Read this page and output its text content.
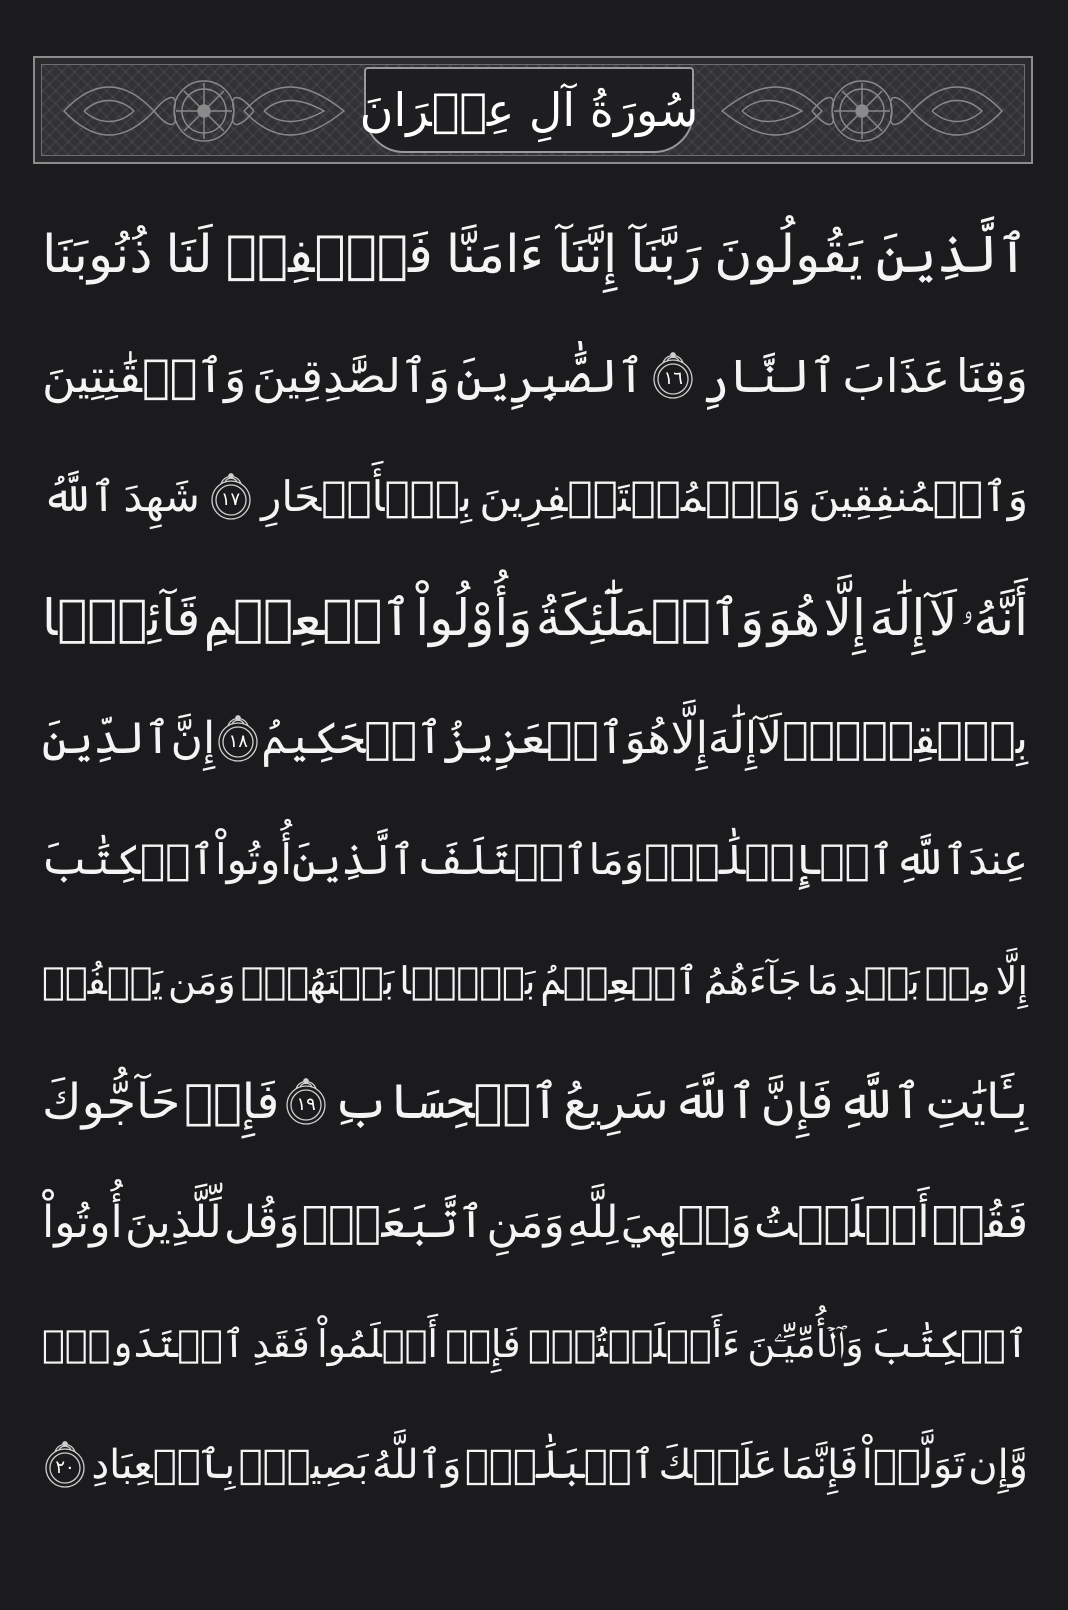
سُورَةُ آلِ عِمۡرَانَ
ٱلَّذِينَ
يَقُولُونَ
رَبَّنَآ
إِنَّنَآ
ءَامَنَّا
فَٱغۡفِرۡ
لَنَا
ذُنُوبَنَا
وَقِنَا
عَذَابَ
ٱلنَّارِ
١٦
ٱلصَّٰبِرِينَ
وَٱلصَّٰدِقِينَ
وَٱلۡقَٰنِتِينَ
وَٱلۡمُنفِقِينَ
وَٱلۡمُسۡتَغۡفِرِينَ
بِٱلۡأَسۡحَارِ
١٧
شَهِدَ
ٱللَّهُ
أَنَّهُۥ
لَآ
إِلَٰهَ
إِلَّا
هُوَ
وَٱلۡمَلَٰٓئِكَةُ
وَأُوْلُواْ
ٱلۡعِلۡمِ
قَآئِمَۢا
بِٱلۡقِسۡطِۚ
لَآ
إِلَٰهَ
إِلَّا
هُوَ
ٱلۡعَزِيزُ
ٱلۡحَكِيمُ
١٨
إِنَّ
ٱلدِّينَ
عِندَ
ٱللَّهِ
ٱلۡإِسۡلَٰمُۗ
وَمَا
ٱخۡتَلَفَ
ٱلَّذِينَ
أُوتُواْ
ٱلۡكِتَٰبَ
إِلَّا
مِنۢ
بَعۡدِ
مَا
جَآءَهُمُ
ٱلۡعِلۡمُ
بَغۡيَۢا
بَيۡنَهُمۡۗ
وَمَن
يَكۡفُرۡ
بِـَٔايَٰتِ
ٱللَّهِ
فَإِنَّ
ٱللَّهَ
سَرِيعُ
ٱلۡحِسَابِ
١٩
فَإِنۡ
حَآجُّوكَ
فَقُلۡ
أَسۡلَمۡتُ
وَجۡهِيَ
لِلَّهِ
وَمَنِ
ٱتَّبَعَنِۗ
وَقُل
لِّلَّذِينَ
أُوتُواْ
ٱلۡكِتَٰبَ
وَٱلۡأُمِّيِّـۧنَ
ءَأَسۡلَمۡتُمۡۚ
فَإِنۡ
أَسۡلَمُواْ
فَقَدِ
ٱهۡتَدَواْۖ
وَّإِن
تَوَلَّوۡاْ
فَإِنَّمَا
عَلَيۡكَ
ٱلۡبَلَٰغُۗ
وَٱللَّهُ
بَصِيرُۢ
بِٱلۡعِبَادِ
٢٠
